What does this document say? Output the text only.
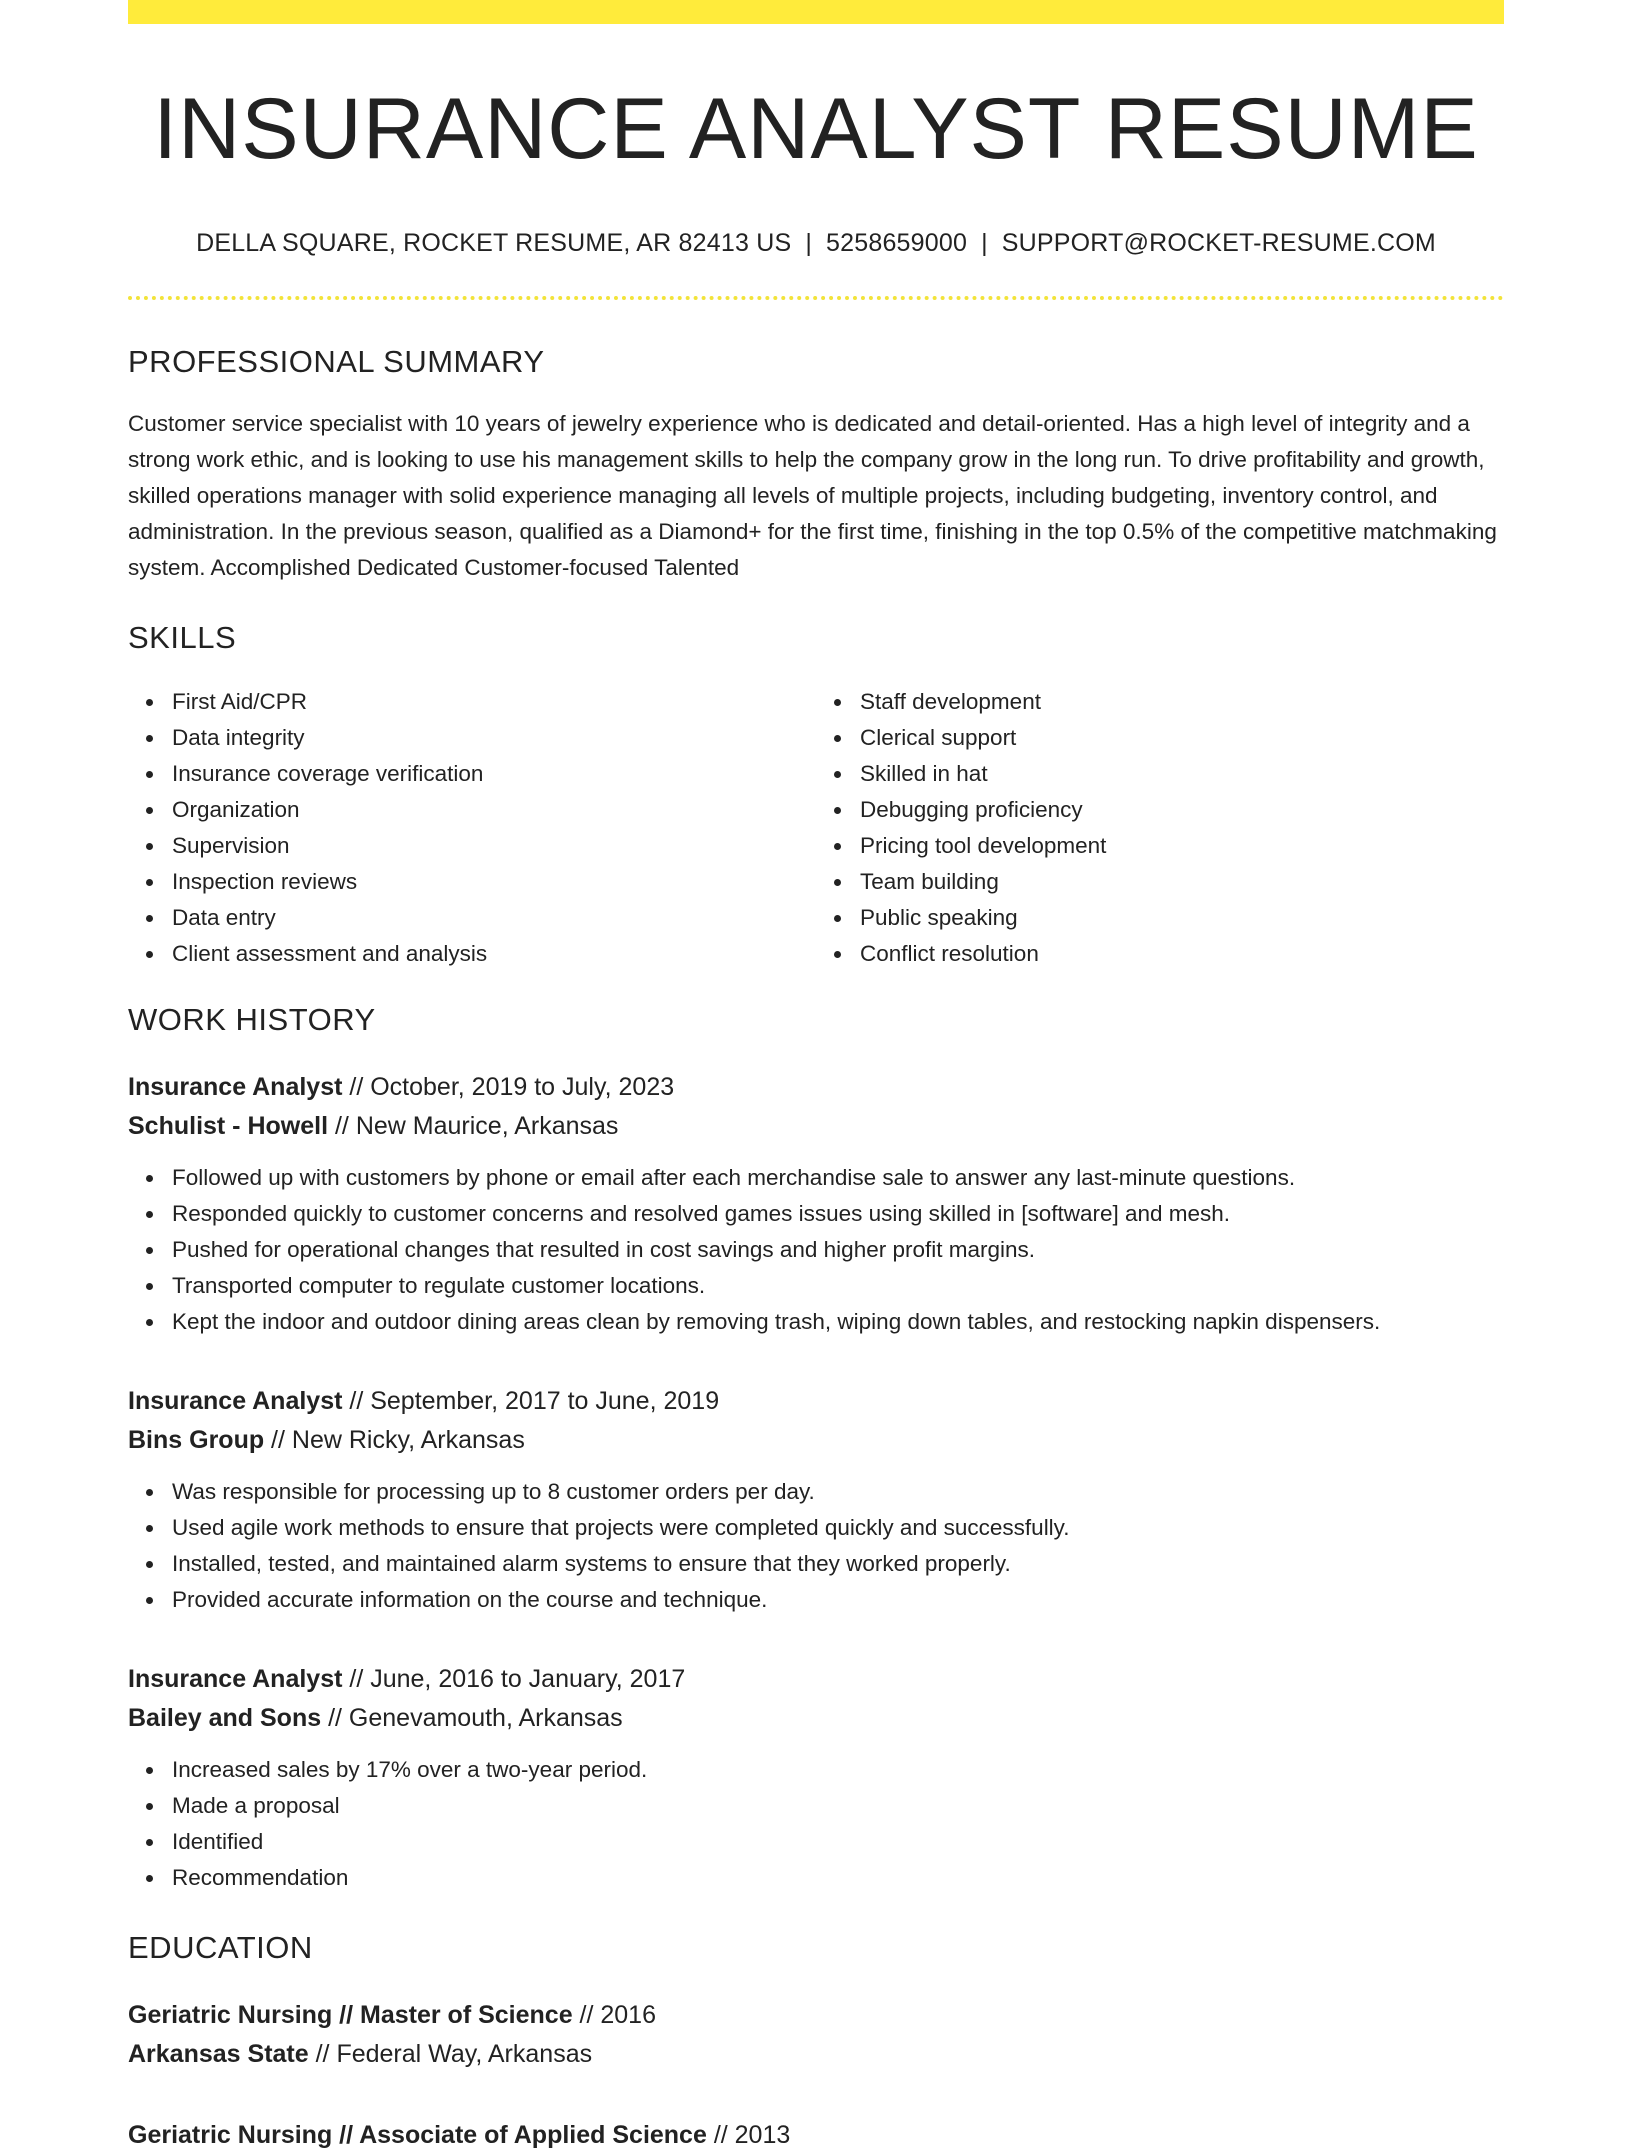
INSURANCE ANALYST RESUME
DELLA SQUARE, ROCKET RESUME, AR 82413 US | 5258659000 | SUPPORT@ROCKET-RESUME.COM
PROFESSIONAL SUMMARY

Customer service specialist with 10 years of jewelry experience who is dedicated and detail-oriented. Has a high level of integrity and a strong work ethic, and is looking to use his management skills to help the company grow in the long run. To drive profitability and growth, skilled operations manager with solid experience managing all levels of multiple projects, including budgeting, inventory control, and administration. In the previous season, qualified as a Diamond+ for the first time, finishing in the top 0.5% of the competitive matchmaking system. Accomplished Dedicated Customer-focused Talented

SKILLS
First Aid/CPR
Data integrity
Insurance coverage verification
Organization
Supervision
Inspection reviews
Data entry
Client assessment and analysis
Staff development
Clerical support
Skilled in hat
Debugging proficiency
Pricing tool development
Team building
Public speaking
Conflict resolution
WORK HISTORY
Insurance Analyst // October, 2019 to July, 2023
Schulist - Howell // New Maurice, Arkansas
Followed up with customers by phone or email after each merchandise sale to answer any last-minute questions.
Responded quickly to customer concerns and resolved games issues using skilled in [software] and mesh.
Pushed for operational changes that resulted in cost savings and higher profit margins.
Transported computer to regulate customer locations.
Kept the indoor and outdoor dining areas clean by removing trash, wiping down tables, and restocking napkin dispensers.
Insurance Analyst // September, 2017 to June, 2019
Bins Group // New Ricky, Arkansas
Was responsible for processing up to 8 customer orders per day.
Used agile work methods to ensure that projects were completed quickly and successfully.
Installed, tested, and maintained alarm systems to ensure that they worked properly.
Provided accurate information on the course and technique.
Insurance Analyst // June, 2016 to January, 2017
Bailey and Sons // Genevamouth, Arkansas
Increased sales by 17% over a two-year period.
Made a proposal
Identified
Recommendation
EDUCATION
Geriatric Nursing // Master of Science // 2016
Arkansas State // Federal Way, Arkansas
Geriatric Nursing // Associate of Applied Science // 2013
